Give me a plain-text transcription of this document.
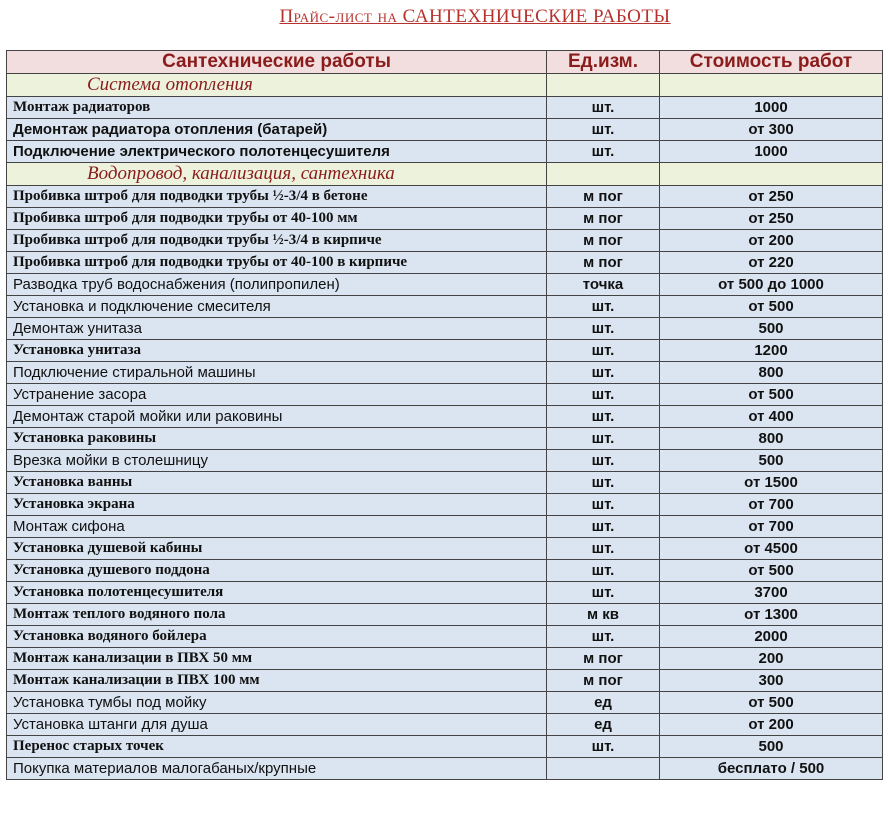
Прайс-лист на САНТЕХНИЧЕСКИЕ РАБОТЫ
Сантехнические работы	Ед.изм.	Стоимость работ
Система отопления		
Монтаж радиаторов	шт.	1000
Демонтаж радиатора отопления (батарей)	шт.	от 300
Подключение электрического полотенцесушителя	шт.	1000
Водопровод, канализация, сантехника		
Пробивка штроб для подводки трубы ½-3/4 в бетоне	м пог	от 250
Пробивка штроб для подводки трубы от 40-100 мм	м пог	от 250
Пробивка штроб для подводки трубы ½-3/4 в кирпиче	м пог	от 200
Пробивка штроб для подводки трубы от 40-100 в кирпиче	м пог	от 220
Разводка труб водоснабжения (полипропилен)	точка	от 500 до 1000
Установка и подключение смесителя	шт.	от 500
Демонтаж унитаза	шт.	500
Установка унитаза	шт.	1200
Подключение стиральной машины	шт.	800
Устранение засора	шт.	от 500
Демонтаж старой мойки или раковины	шт.	от 400
Установка раковины	шт.	800
Врезка мойки в столешницу	шт.	500
Установка ванны	шт.	от 1500
Установка экрана	шт.	от 700
Монтаж сифона	шт.	от 700
Установка душевой кабины	шт.	от 4500
Установка душевого поддона	шт.	от 500
Установка полотенцесушителя	шт.	3700
Монтаж теплого водяного пола	м кв	от 1300
Установка водяного бойлера	шт.	2000
Монтаж канализации в ПВХ 50 мм	м пог	200
Монтаж канализации в ПВХ 100 мм	м пог	300
Установка тумбы под мойку	ед	от 500
Установка штанги для душа	ед	от 200
Перенос старых точек	шт.	500
Покупка материалов малогабаных/крупные		бесплато / 500
